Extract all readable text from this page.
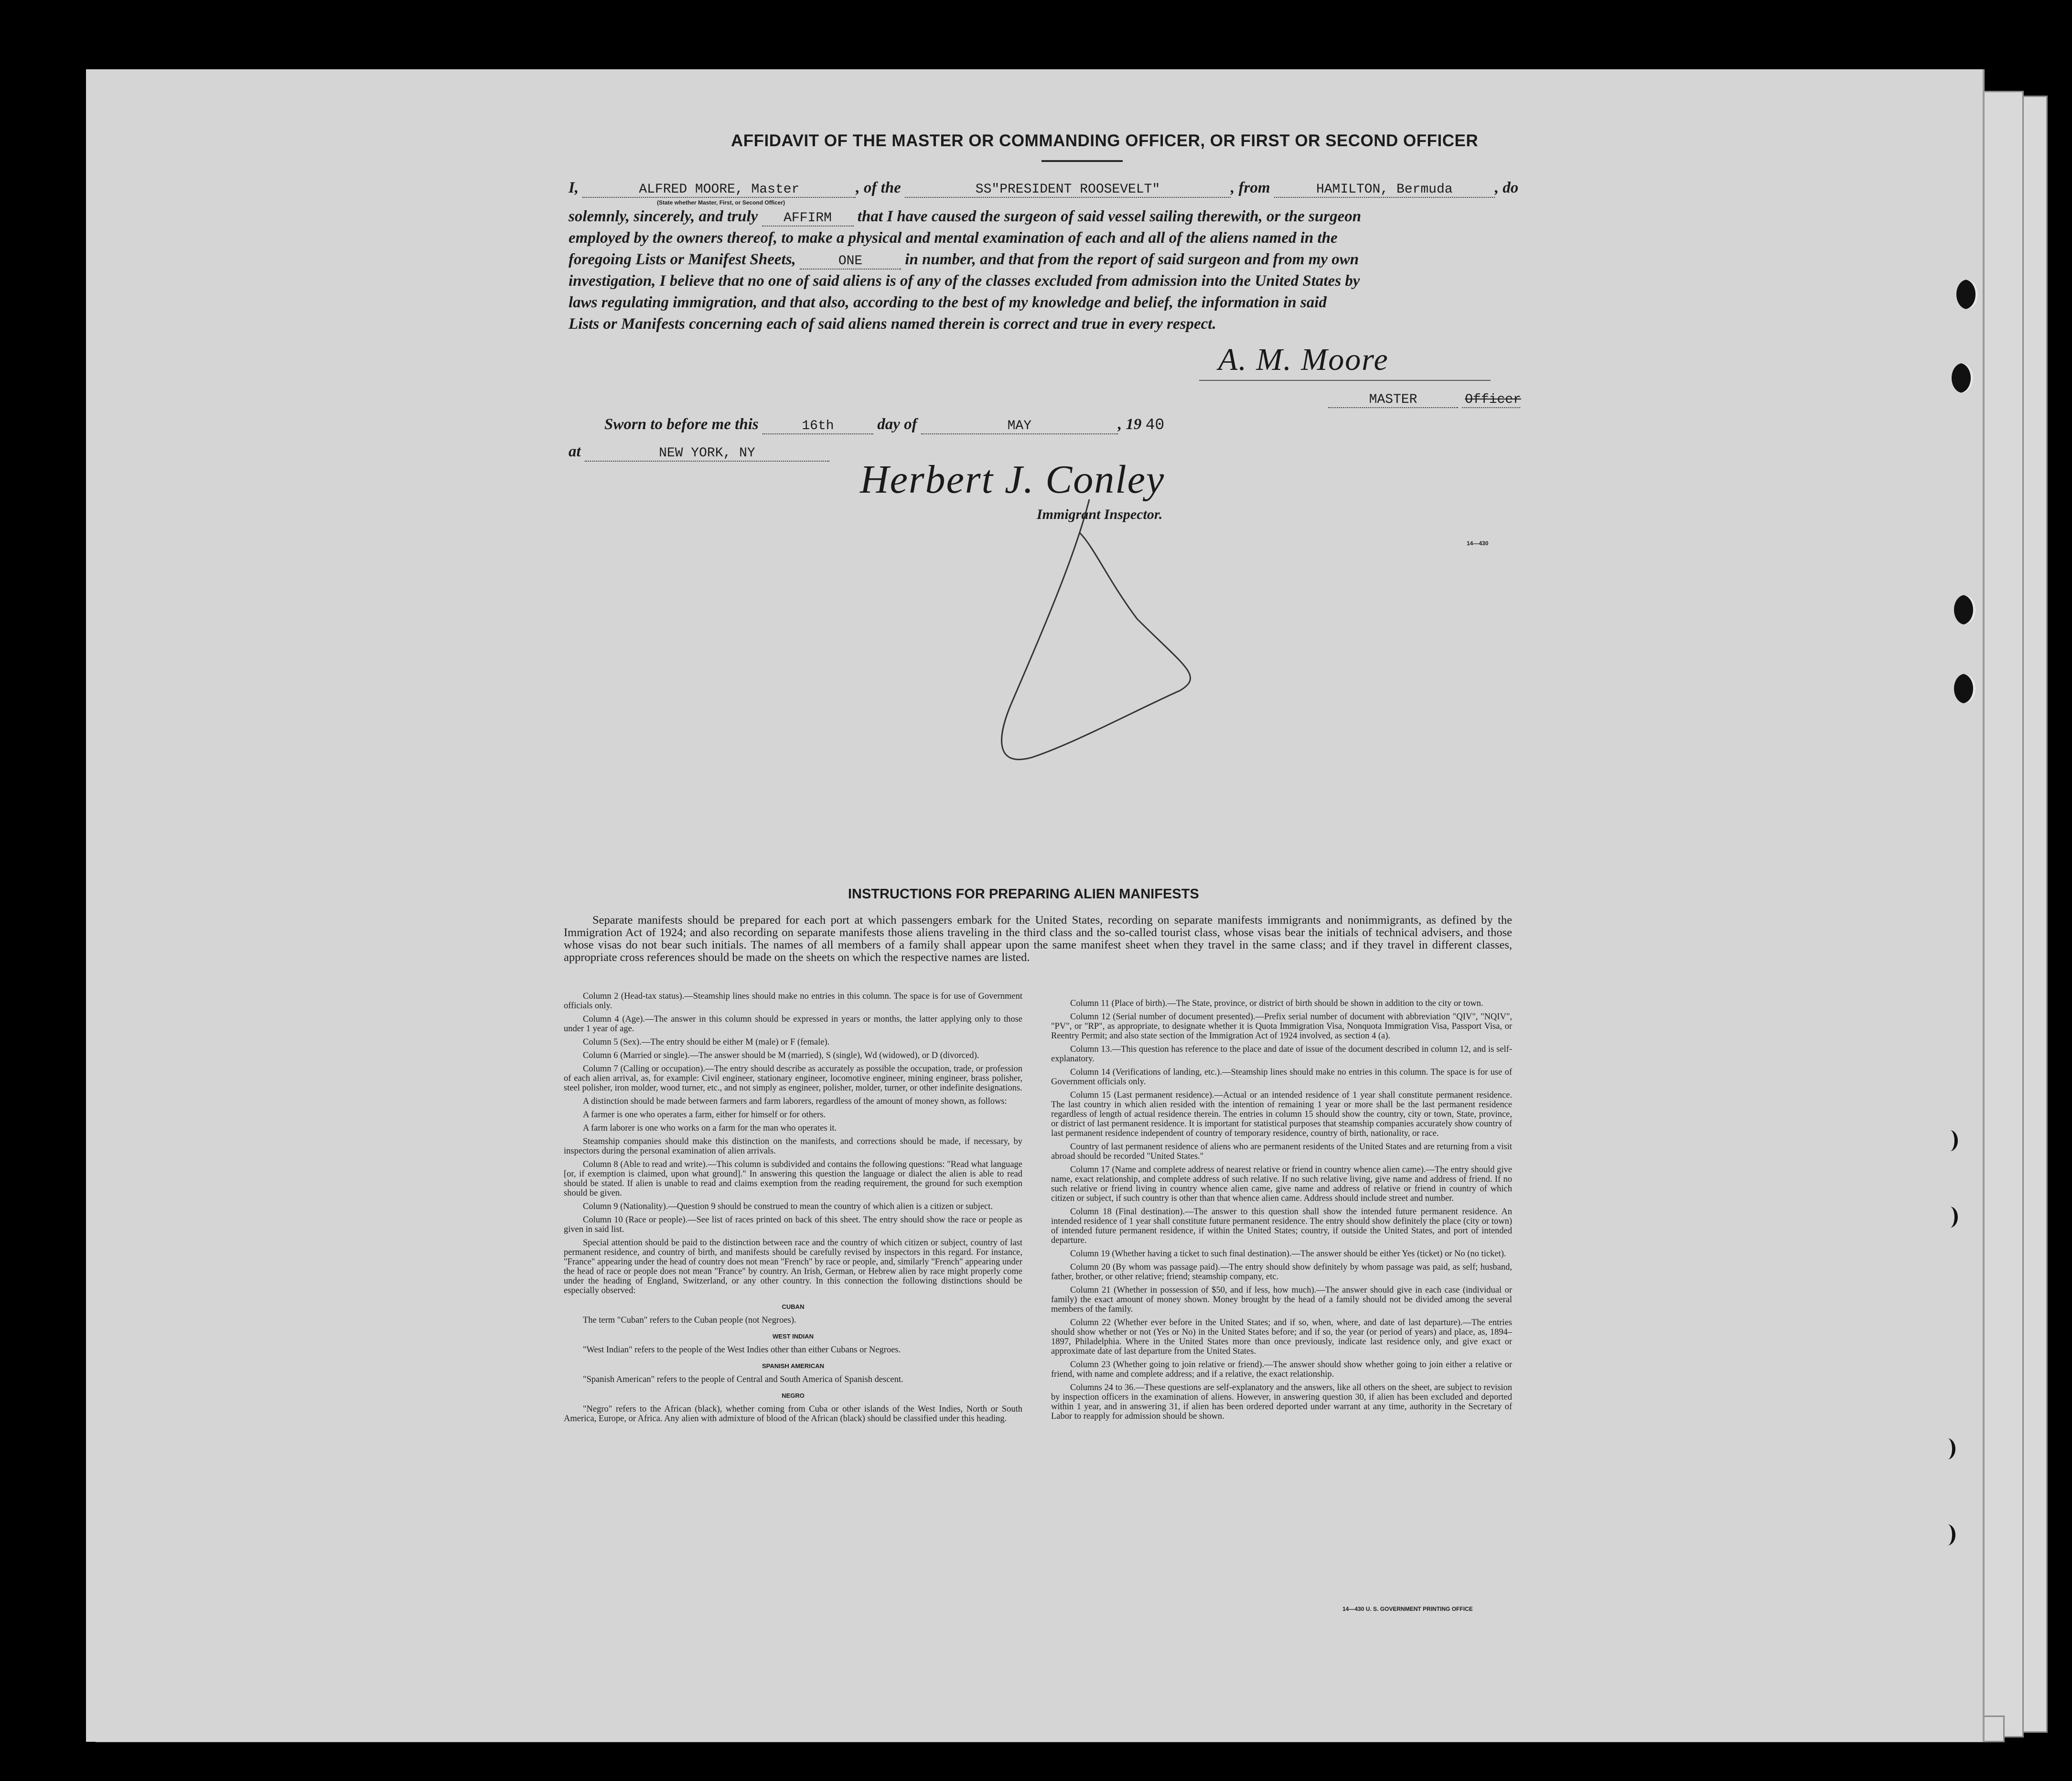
AFFIDAVIT OF THE MASTER OR COMMANDING OFFICER, OR FIRST OR SECOND OFFICER
I,	ALFRED MOORE, Master	, of the	SS"PRESIDENT ROOSEVELT"	, from	HAMILTON, Bermuda	, do
(State whether Master, First, or Second Officer)
solemnly, sincerely, and truly AFFIRM that I have caused the surgeon of said vessel sailing therewith, or the surgeon
employed by the owners thereof, to make a physical and mental examination of each and all of the aliens named in the
foregoing Lists or Manifest Sheets,	ONE	in number, and that from the report of said surgeon and from my own
investigation, I believe that no one of said aliens is of any of the classes excluded from admission into the United States by
laws regulating immigration, and that also, according to the best of my knowledge and belief, the information in said
Lists or Manifests concerning each of said aliens named therein is correct and true in every respect.
A. M. Moore
MASTER	Officer
Sworn to before me this	16th	day of	MAY	, 19 40
at	NEW YORK, NY
Herbert J. Conley
Immigrant Inspector.
14—430
INSTRUCTIONS FOR PREPARING ALIEN MANIFESTS
Separate manifests should be prepared for each port at which passengers embark for the United States, recording on separate manifests immigrants and nonimmigrants, as defined by the Immigration Act of 1924; and also recording on separate manifests those aliens traveling in the third class and the so-called tourist class, whose visas bear the initials of technical advisers, and those whose visas do not bear such initials. The names of all members of a family shall appear upon the same manifest sheet when they travel in the same class; and if they travel in different classes, appropriate cross references should be made on the sheets on which the respective names are listed.

Column 2 (Head-tax status).—Steamship lines should make no entries in this column. The space is for use of Government officials only.

Column 4 (Age).—The answer in this column should be expressed in years or months, the latter applying only to those under 1 year of age.

Column 5 (Sex).—The entry should be either M (male) or F (female).

Column 6 (Married or single).—The answer should be M (married), S (single), Wd (widowed), or D (divorced).

Column 7 (Calling or occupation).—The entry should describe as accurately as possible the occupation, trade, or profession of each alien arrival, as, for example: Civil engineer, stationary engineer, locomotive engineer, mining engineer, brass polisher, steel polisher, iron molder, wood turner, etc., and not simply as engineer, polisher, molder, turner, or other indefinite designations.

A distinction should be made between farmers and farm laborers, regardless of the amount of money shown, as follows:

A farmer is one who operates a farm, either for himself or for others.

A farm laborer is one who works on a farm for the man who operates it.

Steamship companies should make this distinction on the manifests, and corrections should be made, if necessary, by inspectors during the personal examination of alien arrivals.

Column 8 (Able to read and write).—This column is subdivided and contains the following questions: "Read what language [or, if exemption is claimed, upon what ground]." In answering this question the language or dialect the alien is able to read should be stated. If alien is unable to read and claims exemption from the reading requirement, the ground for such exemption should be given.

Column 9 (Nationality).—Question 9 should be construed to mean the country of which alien is a citizen or subject.

Column 10 (Race or people).—See list of races printed on back of this sheet. The entry should show the race or people as given in said list.

Special attention should be paid to the distinction between race and the country of which citizen or subject, country of last permanent residence, and country of birth, and manifests should be carefully revised by inspectors in this regard. For instance, "France" appearing under the head of country does not mean "French" by race or people, and, similarly "French" appearing under the head of race or people does not mean "France" by country. An Irish, German, or Hebrew alien by race might properly come under the heading of England, Switzerland, or any other country. In this connection the following distinctions should be especially observed:

CUBAN

The term "Cuban" refers to the Cuban people (not Negroes).

WEST INDIAN

"West Indian" refers to the people of the West Indies other than either Cubans or Negroes.

SPANISH AMERICAN

"Spanish American" refers to the people of Central and South America of Spanish descent.

NEGRO

"Negro" refers to the African (black), whether coming from Cuba or other islands of the West Indies, North or South America, Europe, or Africa. Any alien with admixture of blood of the African (black) should be classified under this heading.

Column 11 (Place of birth).—The State, province, or district of birth should be shown in addition to the city or town.

Column 12 (Serial number of document presented).—Prefix serial number of document with abbreviation "QIV", "NQIV", "PV", or "RP", as appropriate, to designate whether it is Quota Immigration Visa, Nonquota Immigration Visa, Passport Visa, or Reentry Permit; and also state section of the Immigration Act of 1924 involved, as section 4 (a).

Column 13.—This question has reference to the place and date of issue of the document described in column 12, and is self-explanatory.

Column 14 (Verifications of landing, etc.).—Steamship lines should make no entries in this column. The space is for use of Government officials only.

Column 15 (Last permanent residence).—Actual or an intended residence of 1 year shall constitute permanent residence. The last country in which alien resided with the intention of remaining 1 year or more shall be the last permanent residence regardless of length of actual residence therein. The entries in column 15 should show the country, city or town, State, province, or district of last permanent residence. It is important for statistical purposes that steamship companies accurately show country of last permanent residence independent of country of temporary residence, country of birth, nationality, or race.

Country of last permanent residence of aliens who are permanent residents of the United States and are returning from a visit abroad should be recorded "United States."

Column 17 (Name and complete address of nearest relative or friend in country whence alien came).—The entry should give name, exact relationship, and complete address of such relative. If no such relative living, give name and address of friend. If no such relative or friend living in country whence alien came, give name and address of relative or friend in country of which citizen or subject, if such country is other than that whence alien came. Address should include street and number.

Column 18 (Final destination).—The answer to this question shall show the intended future permanent residence. An intended residence of 1 year shall constitute future permanent residence. The entry should show definitely the place (city or town) of intended future permanent residence, if within the United States; country, if outside the United States, and port of intended departure.

Column 19 (Whether having a ticket to such final destination).—The answer should be either Yes (ticket) or No (no ticket).

Column 20 (By whom was passage paid).—The entry should show definitely by whom passage was paid, as self; husband, father, brother, or other relative; friend; steamship company, etc.

Column 21 (Whether in possession of $50, and if less, how much).—The answer should give in each case (individual or family) the exact amount of money shown. Money brought by the head of a family should not be divided among the several members of the family.

Column 22 (Whether ever before in the United States; and if so, when, where, and date of last departure).—The entries should show whether or not (Yes or No) in the United States before; and if so, the year (or period of years) and place, as, 1894–1897, Philadelphia. Where in the United States more than once previously, indicate last residence only, and give exact or approximate date of last departure from the United States.

Column 23 (Whether going to join relative or friend).—The answer should show whether going to join either a relative or friend, with name and complete address; and if a relative, the exact relationship.

Columns 24 to 36.—These questions are self-explanatory and the answers, like all others on the sheet, are subject to revision by inspection officers in the examination of aliens. However, in answering question 30, if alien has been excluded and deported within 1 year, and in answering 31, if alien has been ordered deported under warrant at any time, authority in the Secretary of Labor to reapply for admission should be shown.

14—430 U. S. GOVERNMENT PRINTING OFFICE
